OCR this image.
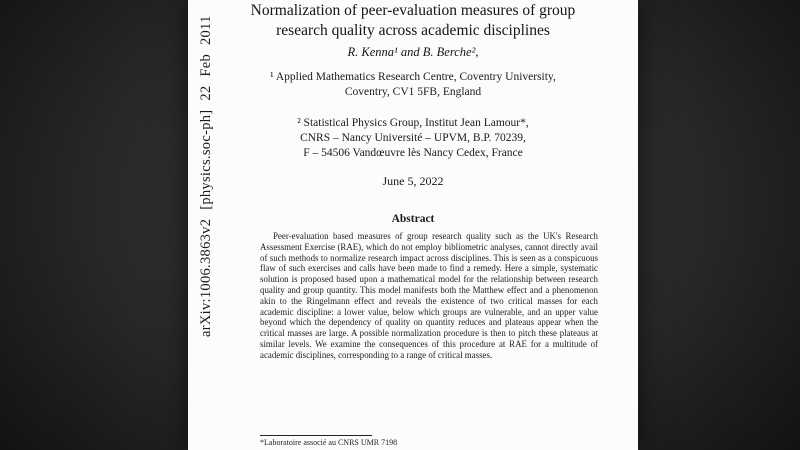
arXiv:1006.3863v2 [physics.soc-ph] 22 Feb 2011
Normalization of peer-evaluation measures of group
research quality across academic disciplines
R. Kenna¹ and B. Berche²,
¹ Applied Mathematics Research Centre, Coventry University,
Coventry, CV1 5FB, England
² Statistical Physics Group, Institut Jean Lamour*,
CNRS – Nancy Université – UPVM, B.P. 70239,
F – 54506 Vandœuvre lès Nancy Cedex, France
June 5, 2022
Abstract
Peer-evaluation based measures of group research quality such as the UK's Research Assessment Exercise (RAE), which do not employ bibliometric analyses, cannot directly avail of such methods to normalize research impact across disciplines. This is seen as a conspicuous flaw of such exercises and calls have been made to find a remedy. Here a simple, systematic solution is proposed based upon a mathematical model for the relationship between research quality and group quantity. This model manifests both the Matthew effect and a phenomenon akin to the Ringelmann effect and reveals the existence of two critical masses for each academic discipline: a lower value, below which groups are vulnerable, and an upper value beyond which the dependency of quality on quantity reduces and plateaus appear when the critical masses are large. A possible normalization procedure is then to pitch these plateaus at similar levels. We examine the consequences of this procedure at RAE for a multitude of academic disciplines, corresponding to a range of critical masses.
*Laboratoire associé au CNRS UMR 7198
